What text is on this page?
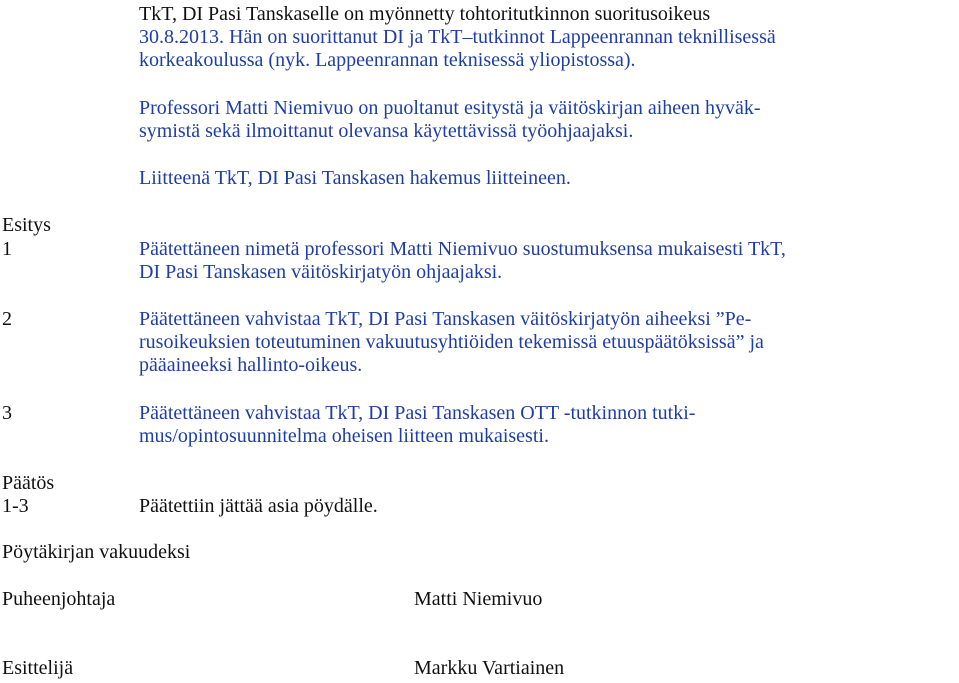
TkT, DI Pasi Tanskaselle on myönnetty tohtoritutkinnon suoritusoikeus
30.8.2013. Hän on suorittanut DI ja TkT–tutkinnot Lappeenrannan teknillisessä
korkeakoulussa (nyk. Lappeenrannan teknisessä yliopistossa).
Professori Matti Niemivuo on puoltanut esitystä ja väitöskirjan aiheen hyväk-
symistä sekä ilmoittanut olevansa käytettävissä työohjaajaksi.
Liitteenä TkT, DI Pasi Tanskasen hakemus liitteineen.
Esitys
1	Päätettäneen nimetä professori Matti Niemivuo suostumuksensa mukaisesti TkT,
DI Pasi Tanskasen väitöskirjatyön ohjaajaksi.
2	Päätettäneen vahvistaa TkT, DI Pasi Tanskasen väitöskirjatyön aiheeksi ”Pe-
rusoikeuksien toteutuminen vakuutusyhtiöiden tekemissä etuuspäätöksissä” ja
pääaineeksi hallinto-oikeus.
3	Päätettäneen vahvistaa TkT, DI Pasi Tanskasen OTT -tutkinnon tutki-
mus/opintosuunnitelma oheisen liitteen mukaisesti.
Päätös
1-3	Päätettiin jättää asia pöydälle.
Pöytäkirjan vakuudeksi
Puheenjohtaja	Matti Niemivuo
Esittelijä	Markku Vartiainen
